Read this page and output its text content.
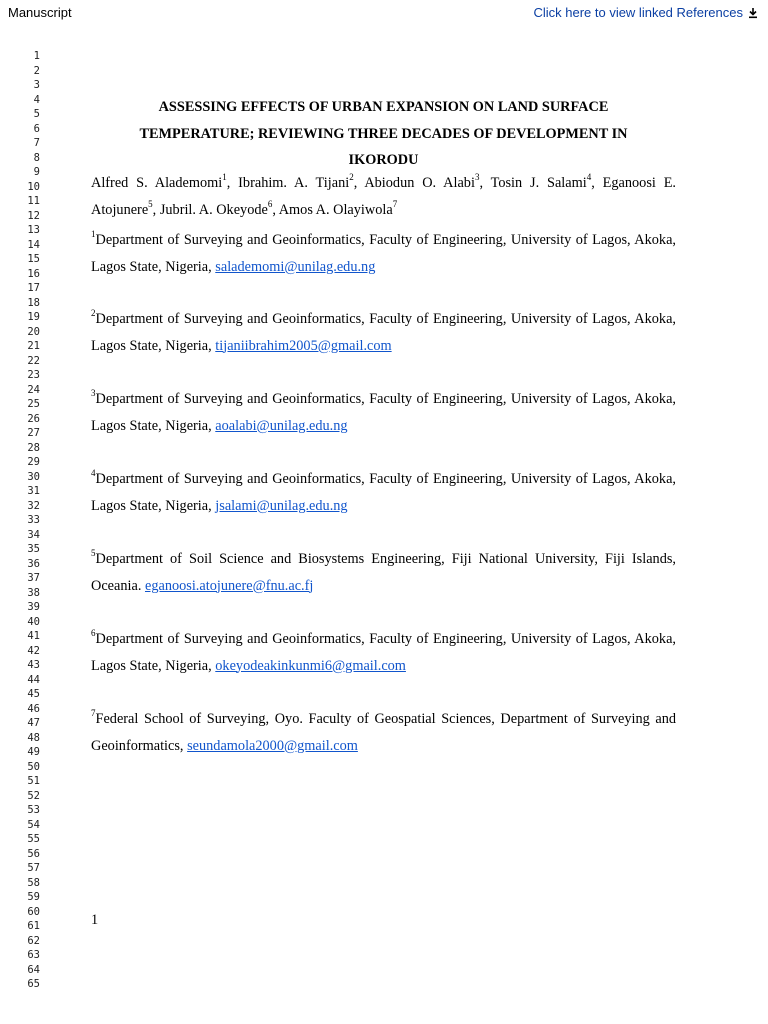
Manuscript	Click here to view linked References
1
2
3
4
5
6
7
8
9
10
11
12
13
14
15
16
17
18
19
20
21
22
23
24
25
26
27
28
29
30
31
32
33
34
35
36
37
38
39
40
41
42
43
44
45
46
47
48
49
50
51
52
53
54
55
56
57
58
59
60
61
62
63
64
65
ASSESSING EFFECTS OF URBAN EXPANSION ON LAND SURFACE
TEMPERATURE; REVIEWING THREE DECADES OF DEVELOPMENT IN
IKORODU
Alfred S. Alademomi$^1$, Ibrahim. A. Tijani$^2$, Abiodun O. Alabi$^3$, Tosin J. Salami$^4$, Eganoosi E. Atojunere$^5$, Jubril. A. Okeyode$^6$, Amos A. Olayiwola$^7$
$^1$Department of Surveying and Geoinformatics, Faculty of Engineering, University of Lagos, Akoka, Lagos State, Nigeria, salademomi@unilag.edu.ng
$^2$Department of Surveying and Geoinformatics, Faculty of Engineering, University of Lagos, Akoka, Lagos State, Nigeria, tijaniibrahim2005@gmail.com
$^3$Department of Surveying and Geoinformatics, Faculty of Engineering, University of Lagos, Akoka, Lagos State, Nigeria, aoalabi@unilag.edu.ng
$^4$Department of Surveying and Geoinformatics, Faculty of Engineering, University of Lagos, Akoka, Lagos State, Nigeria, jsalami@unilag.edu.ng
$^5$Department of Soil Science and Biosystems Engineering, Fiji National University, Fiji Islands, Oceania. eganoosi.atojunere@fnu.ac.fj
$^6$Department of Surveying and Geoinformatics, Faculty of Engineering, University of Lagos, Akoka, Lagos State, Nigeria, okeyodeakinkunmi6@gmail.com
$^7$Federal School of Surveying, Oyo. Faculty of Geospatial Sciences, Department of Surveying and Geoinformatics, seundamola2000@gmail.com
1
